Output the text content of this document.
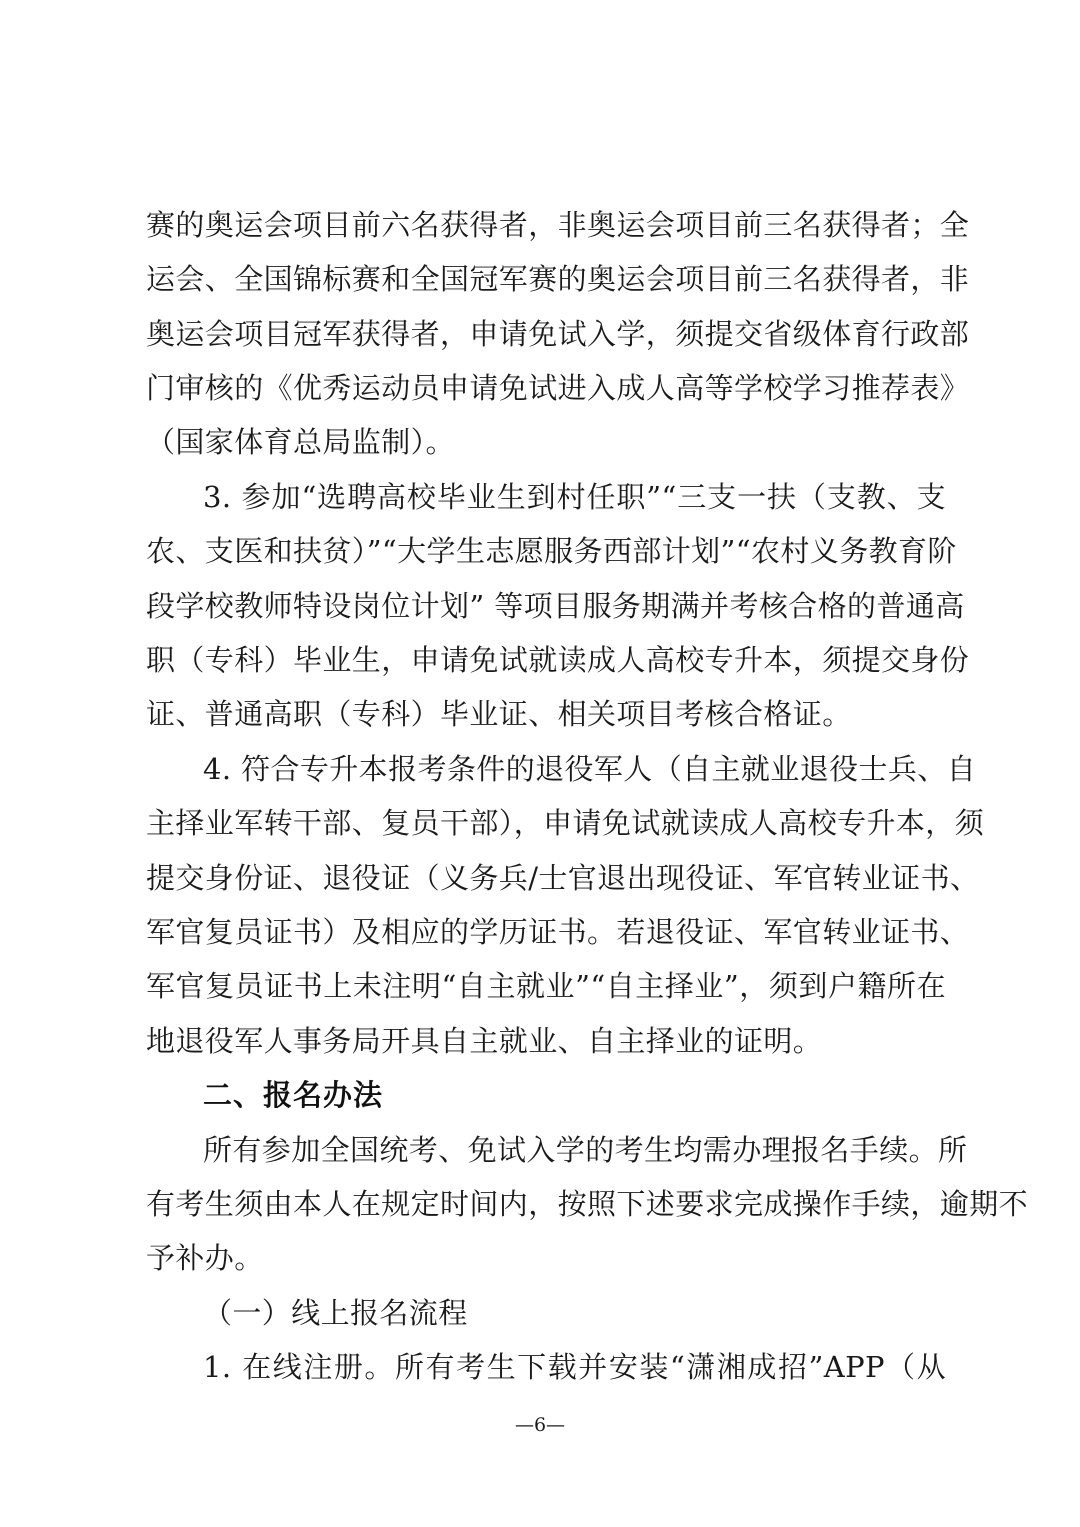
赛的奥运会项目前六名获得者，非奥运会项目前三名获得者；全
运会、全国锦标赛和全国冠军赛的奥运会项目前三名获得者，非
奥运会项目冠军获得者，申请免试入学，须提交省级体育行政部
门审核的《优秀运动员申请免试进入成人高等学校学习推荐表》
（国家体育总局监制）。
3. 参加“选聘高校毕业生到村任职”“三支一扶（支教、支
农、支医和扶贫）”“大学生志愿服务西部计划”“农村义务教育阶
段学校教师特设岗位计划” 等项目服务期满并考核合格的普通高
职（专科）毕业生，申请免试就读成人高校专升本，须提交身份
证、普通高职（专科）毕业证、相关项目考核合格证。
4. 符合专升本报考条件的退役军人（自主就业退役士兵、自
主择业军转干部、复员干部），申请免试就读成人高校专升本，须
提交身份证、退役证（义务兵/士官退出现役证、军官转业证书、
军官复员证书）及相应的学历证书。若退役证、军官转业证书、
军官复员证书上未注明“自主就业”“自主择业”，须到户籍所在
地退役军人事务局开具自主就业、自主择业的证明。
二、报名办法
所有参加全国统考、免试入学的考生均需办理报名手续。所
有考生须由本人在规定时间内，按照下述要求完成操作手续，逾期不
予补办。
（一）线上报名流程
1. 在线注册。所有考生下载并安装“潇湘成招”APP（从
—6—
